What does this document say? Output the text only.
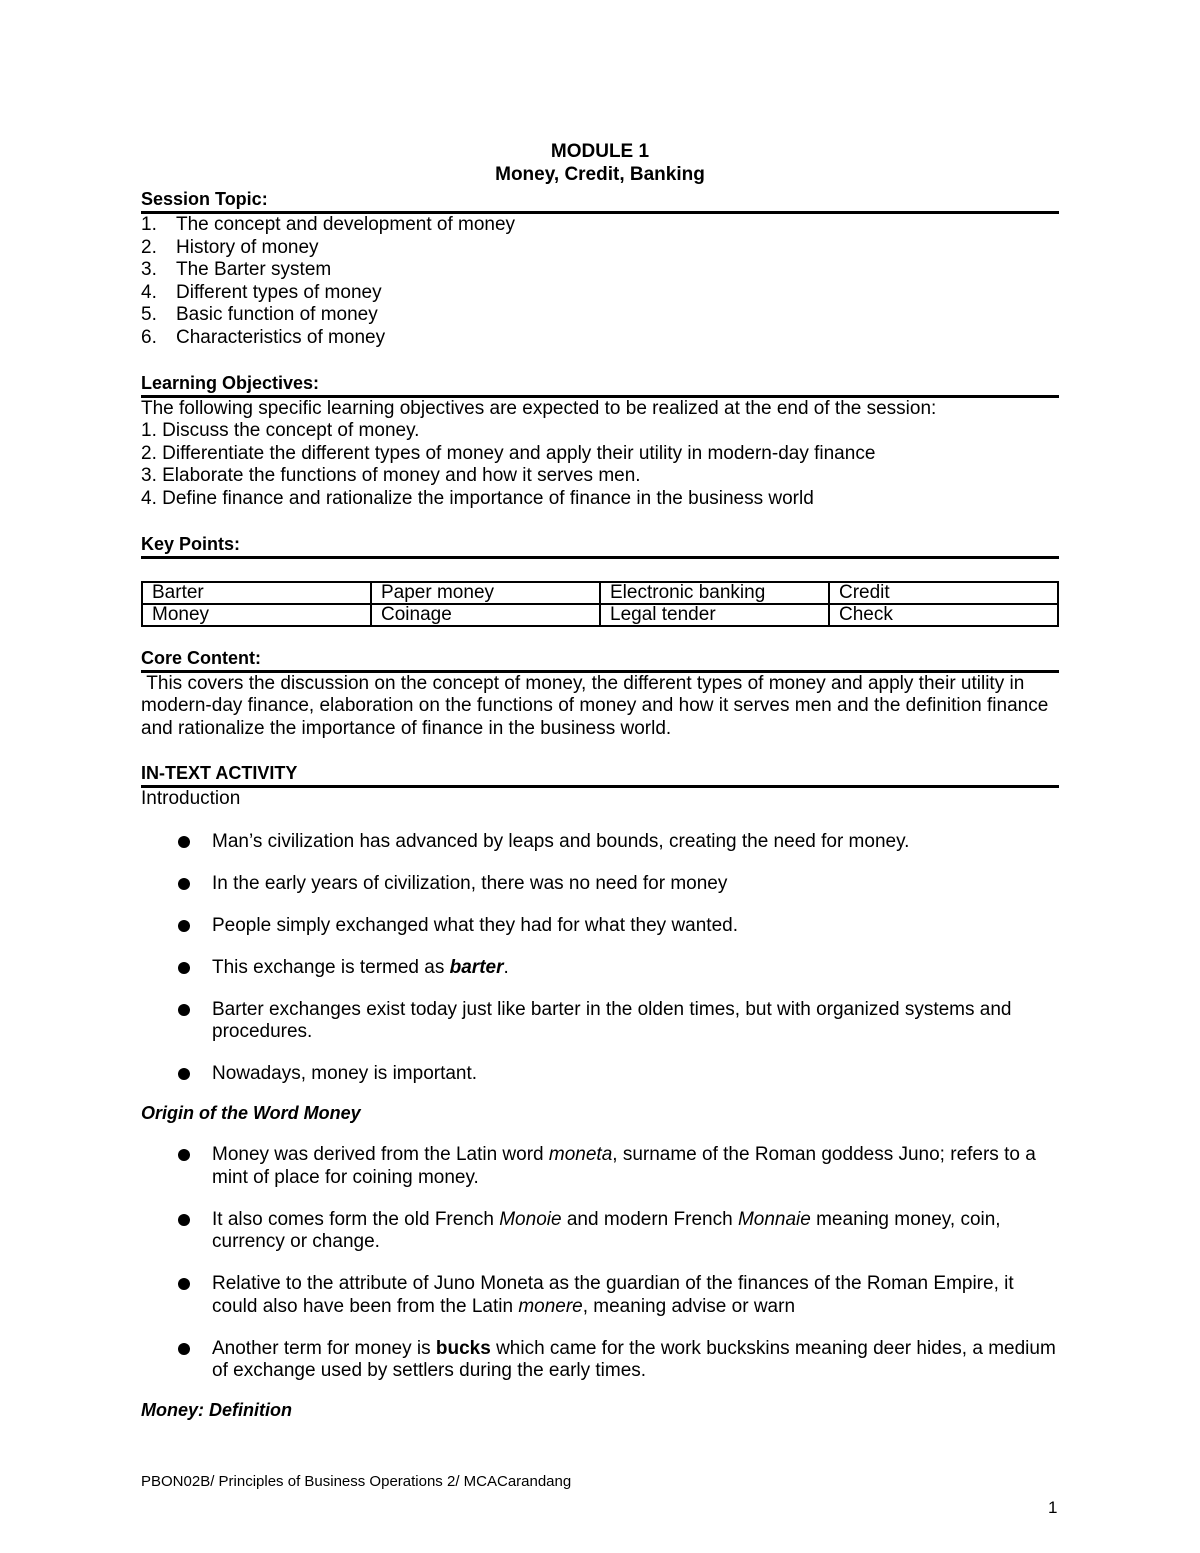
MODULE 1
Money, Credit, Banking
Session Topic:
1.	The concept and development of money
2.	History of money
3.	The Barter system
4.	Different types of money
5.	Basic function of money
6.	Characteristics of money
Learning Objectives:

The following specific learning objectives are expected to be realized at the end of the session:

1. Discuss the concept of money.

2. Differentiate the different types of money and apply their utility in modern-day finance

3. Elaborate the functions of money and how it serves men.

4. Define finance and rationalize the importance of finance in the business world

Key Points:
Barter	Paper money	Electronic banking	Credit
Money	Coinage	Legal tender	Check
Core Content:

This covers the discussion on the concept of money, the different types of money and apply their utility in modern-day finance, elaboration on the functions of money and how it serves men and the definition finance and rationalize the importance of finance in the business world.

IN-TEXT ACTIVITY

Introduction

Man’s civilization has advanced by leaps and bounds, creating the need for money.
In the early years of civilization, there was no need for money
People simply exchanged what they had for what they wanted.
This exchange is termed as barter.
Barter exchanges exist today just like barter in the olden times, but with organized systems and procedures.
Nowadays, money is important.
Origin of the Word Money
Money was derived from the Latin word moneta, surname of the Roman goddess Juno; refers to a mint of place for coining money.
It also comes form the old French Monoie and modern French Monnaie meaning money, coin, currency or change.
Relative to the attribute of Juno Moneta as the guardian of the finances of the Roman Empire, it could also have been from the Latin monere, meaning advise or warn
Another term for money is bucks which came for the work buckskins meaning deer hides, a medium of exchange used by settlers during the early times.
Money: Definition
PBON02B/ Principles of Business Operations 2/ MCACarandang
1
